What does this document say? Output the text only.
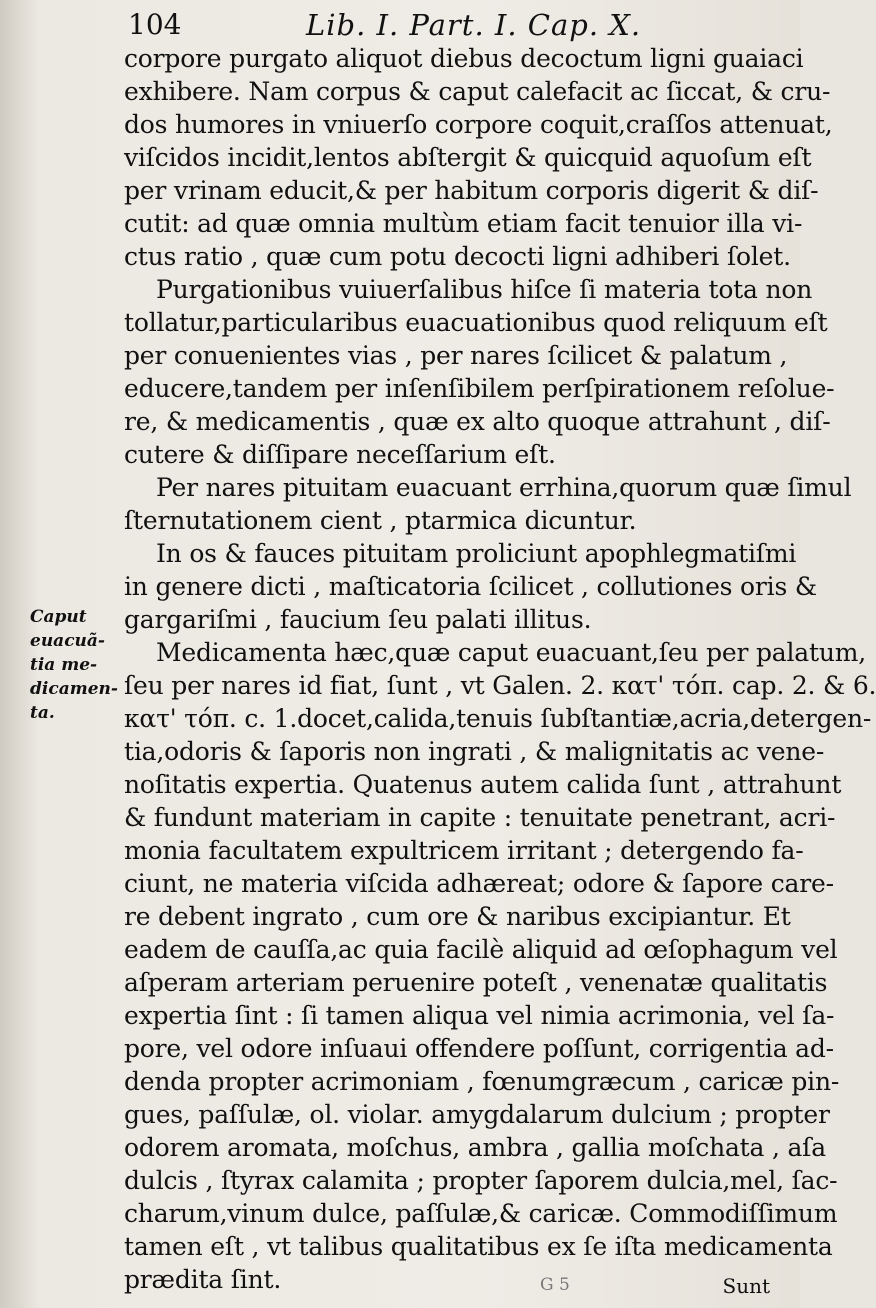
104	Lib. I. Part. I. Cap. X.
corpore purgato aliquot diebus decoctum ligni guaiaci
exhibere. Nam corpus & caput calefacit ac ſiccat, & cru-
dos humores in vniuerſo corpore coquit,craſſos attenuat,
viſcidos incidit,lentos abſtergit & quicquid aquoſum eſt
per vrinam educit,& per habitum corporis digerit & diſ-
cutit: ad quæ omnia multùm etiam facit tenuior illa vi-
ctus ratio , quæ cum potu decocti ligni adhiberi ſolet.
Purgationibus vuiuerſalibus hiſce ſi materia tota non
tollatur,particularibus euacuationibus quod reliquum eſt
per conuenientes vias , per nares ſcilicet & palatum ,
educere,tandem per inſenſibilem perſpirationem reſolue-
re, & medicamentis , quæ ex alto quoque attrahunt , diſ-
cutere & diſſipare neceſſarium eſt.
Per nares pituitam euacuant errhina,quorum quæ ſimul
ſternutationem cient , ptarmica dicuntur.
In os & fauces pituitam proliciunt apophlegmatiſmi
in genere dicti , maſticatoria ſcilicet , collutiones oris &
gargariſmi , faucium ſeu palati illitus.
Medicamenta hæc,quæ caput euacuant,ſeu per palatum,
ſeu per nares id fiat, ſunt , vt Galen. 2. κατ' τόπ. cap. 2. & 6.
κατ' τόπ. c. 1.docet,calida,tenuis ſubſtantiæ,acria,detergen-
tia,odoris & ſaporis non ingrati , & malignitatis ac vene-
noſitatis expertia. Quatenus autem calida ſunt , attrahunt
& fundunt materiam in capite : tenuitate penetrant, acri-
monia facultatem expultricem irritant ; detergendo fa-
ciunt, ne materia viſcida adhæreat; odore & ſapore care-
re debent ingrato , cum ore & naribus excipiantur. Et
eadem de cauſſa,ac quia facilè aliquid ad œſophagum vel
aſperam arteriam peruenire poteſt , venenatæ qualitatis
expertia ſint : ſi tamen aliqua vel nimia acrimonia, vel ſa-
pore, vel odore inſuaui offendere poſſunt, corrigentia ad-
denda propter acrimoniam , fœnumgræcum , caricæ pin-
gues, paſſulæ, ol. violar. amygdalarum dulcium ; propter
odorem aromata, moſchus, ambra , gallia moſchata , aſa
dulcis , ſtyrax calamita ; propter ſaporem dulcia,mel, ſac-
charum,vinum dulce, paſſulæ,& caricæ. Commodiſſimum
tamen eſt , vt talibus qualitatibus ex ſe iſta medicamenta
prædita ſint.
Caput
euacuã-
tia me-
dicamen-
ta.
G 5	Sunt
